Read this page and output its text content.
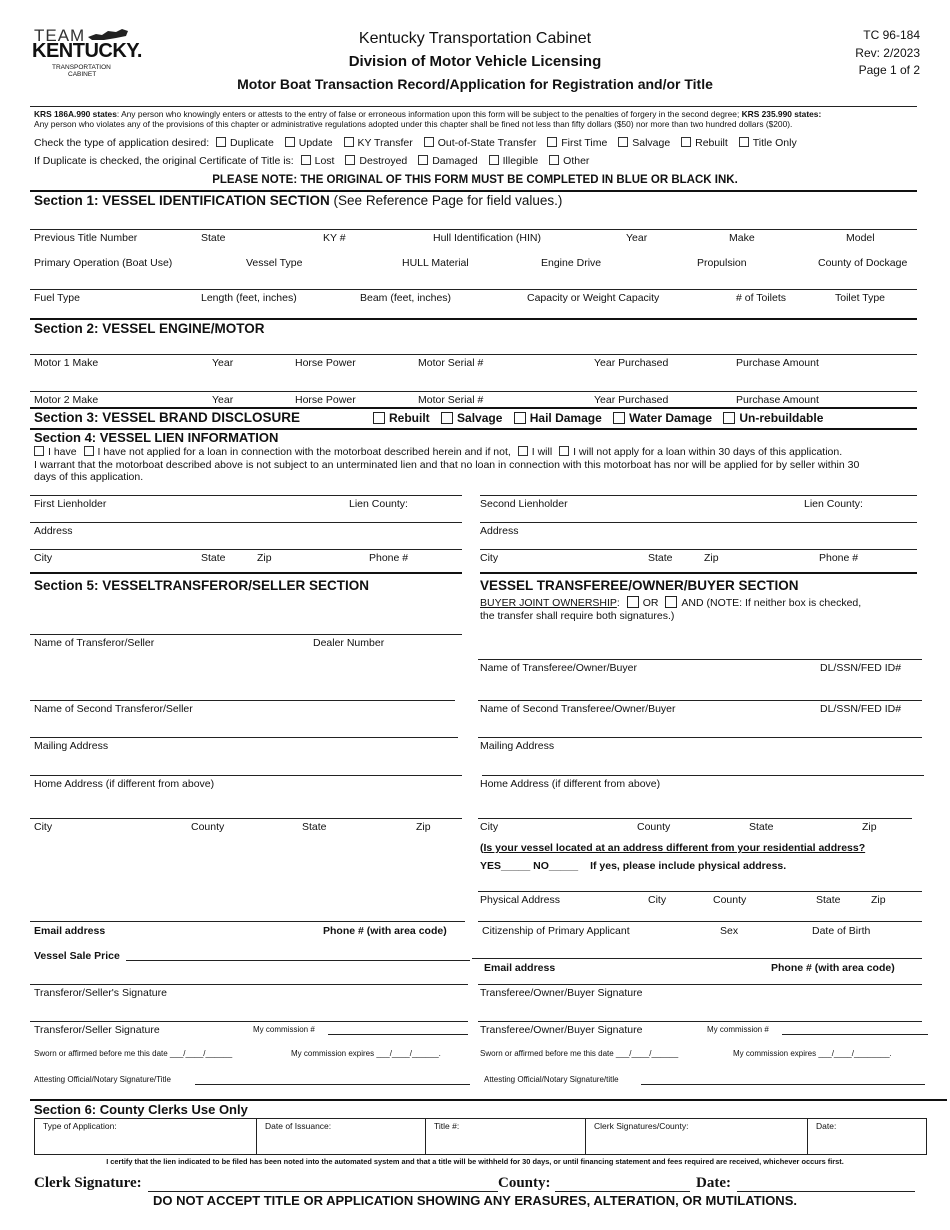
TEAM
KENTUCKY.
TRANSPORTATION
CABINET
Kentucky Transportation Cabinet
Division of Motor Vehicle Licensing
Motor Boat Transaction Record/Application for Registration and/or Title
TC 96-184
Rev: 2/2023
Page 1 of 2
KRS 186A.990 states: Any person who knowingly enters or attests to the entry of false or erroneous information upon this form will be subject to the penalties of forgery in the second degree; KRS 235.990 states:
Any person who violates any of the provisions of this chapter or administrative regulations adopted under this chapter shall be fined not less than fifty dollars ($50) nor more than two hundred dollars ($200).
Check the type of application desired: Duplicate Update KY Transfer Out-of-State Transfer First Time Salvage Rebuilt Title Only
If Duplicate is checked, the original Certificate of Title is: Lost Destroyed Damaged Illegible Other
PLEASE NOTE: THE ORIGINAL OF THIS FORM MUST BE COMPLETED IN BLUE OR BLACK INK.
Section 1: VESSEL IDENTIFICATION SECTION (See Reference Page for field values.)
Previous Title Number	State	KY #	Hull Identification (HIN)	Year	Make	Model
Primary Operation (Boat Use)	Vessel Type	HULL Material	Engine Drive	Propulsion	County of Dockage
Fuel Type	Length (feet, inches)	Beam (feet, inches)	Capacity or Weight Capacity	# of Toilets	Toilet Type
Section 2: VESSEL ENGINE/MOTOR
Motor 1 Make	Year	Horse Power	Motor Serial #	Year Purchased	Purchase Amount
Motor 2 Make	Year	Horse Power	Motor Serial #	Year Purchased	Purchase Amount
Section 3: VESSEL BRAND DISCLOSURE	Rebuilt Salvage Hail Damage Water Damage Un-rebuildable
Section 4: VESSEL LIEN INFORMATION
I have I have not applied for a loan in connection with the motorboat described herein and if not, I will I will not apply for a loan within 30 days of this application.
I warrant that the motorboat described above is not subject to an unterminated lien and that no loan in connection with this motorboat has nor will be applied for by seller within 30
days of this application.
First Lienholder	Lien County:	Second Lienholder	Lien County:
Address	Address
City	State	Zip	Phone #	City	State	Zip	Phone #
Section 5: VESSELTRANSFEROR/SELLER SECTION
Name of Transferor/Seller	Dealer Number
Name of Second Transferor/Seller
Mailing Address
Home Address (if different from above)
City	County	State	Zip
Email address	Phone # (with area code)
Vessel Sale Price
Transferor/Seller's Signature
Transferor/Seller Signature	My commission #
Sworn or affirmed before me this date ___/____/______	My commission expires ___/____/______.
Attesting Official/Notary Signature/Title
VESSEL TRANSFEREE/OWNER/BUYER SECTION
BUYER JOINT OWNERSHIP: OR AND (NOTE: If neither box is checked,
the transfer shall require both signatures.)
Name of Transferee/Owner/Buyer	DL/SSN/FED ID#
Name of Second Transferee/Owner/Buyer	DL/SSN/FED ID#
Mailing Address
Home Address (if different from above)
City	County	State	Zip
(Is your vessel located at an address different from your residential address?
YES_____ NO_____ If yes, please include physical address.
Physical Address	City	County	State	Zip
Citizenship of Primary Applicant	Sex	Date of Birth
Email address	Phone # (with area code)
Transferee/Owner/Buyer Signature
Transferee/Owner/Buyer Signature	My commission #
Sworn or affirmed before me this date ___/____/______	My commission expires ___/____/________.
Attesting Official/Notary Signature/title
Section 6: County Clerks Use Only
Type of Application:	Date of Issuance:	Title #:	Clerk Signatures/County:	Date:
I certify that the lien indicated to be filed has been noted into the automated system and that a title will be withheld for 30 days, or until financing statement and fees required are received, whichever occurs first.
Clerk Signature:	County:	Date:
DO NOT ACCEPT TITLE OR APPLICATION SHOWING ANY ERASURES, ALTERATION, OR MUTILATIONS.
